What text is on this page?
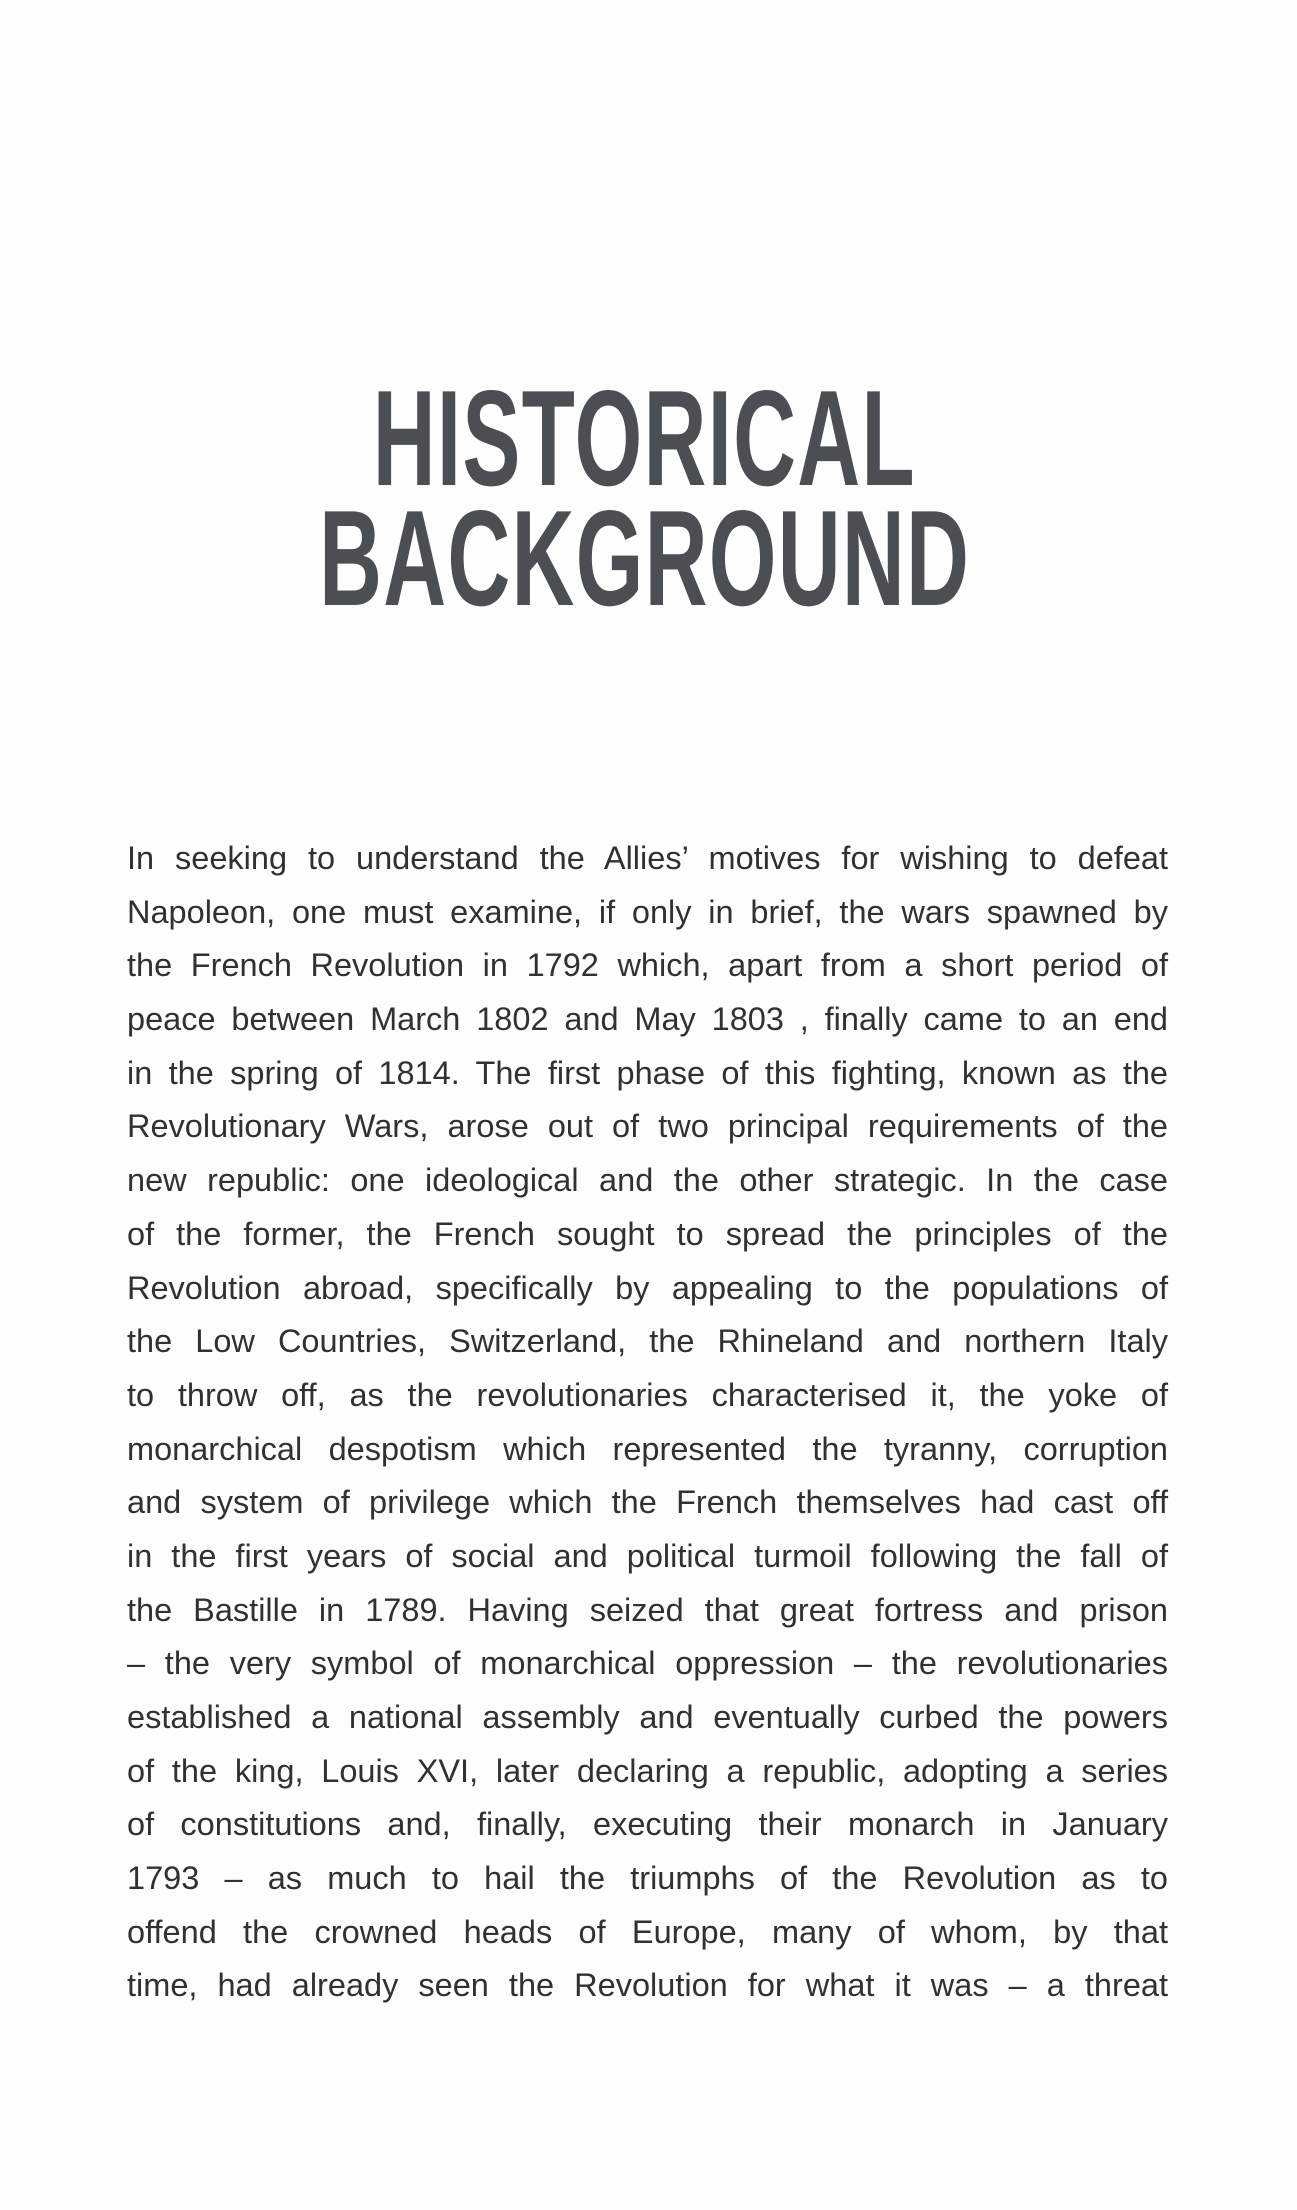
HISTORICAL
BACKGROUND
In seeking to understand the Allies’ motives for wishing to defeat
Napoleon, one must examine, if only in brief, the wars spawned by
the French Revolution in 1792 which, apart from a short period of
peace between March 1802 and May 1803 , finally came to an end
in the spring of 1814. The first phase of this fighting, known as the
Revolutionary Wars, arose out of two principal requirements of the
new republic: one ideological and the other strategic. In the case
of the former, the French sought to spread the principles of the
Revolution abroad, specifically by appealing to the populations of
the Low Countries, Switzerland, the Rhineland and northern Italy
to throw off, as the revolutionaries characterised it, the yoke of
monarchical despotism which represented the tyranny, corruption
and system of privilege which the French themselves had cast off
in the first years of social and political turmoil following the fall of
the Bastille in 1789. Having seized that great fortress and prison
– the very symbol of monarchical oppression – the revolutionaries
established a national assembly and eventually curbed the powers
of the king, Louis XVI, later declaring a republic, adopting a series
of constitutions and, finally, executing their monarch in January
1793 – as much to hail the triumphs of the Revolution as to
offend the crowned heads of Europe, many of whom, by that
time, had already seen the Revolution for what it was – a threat
